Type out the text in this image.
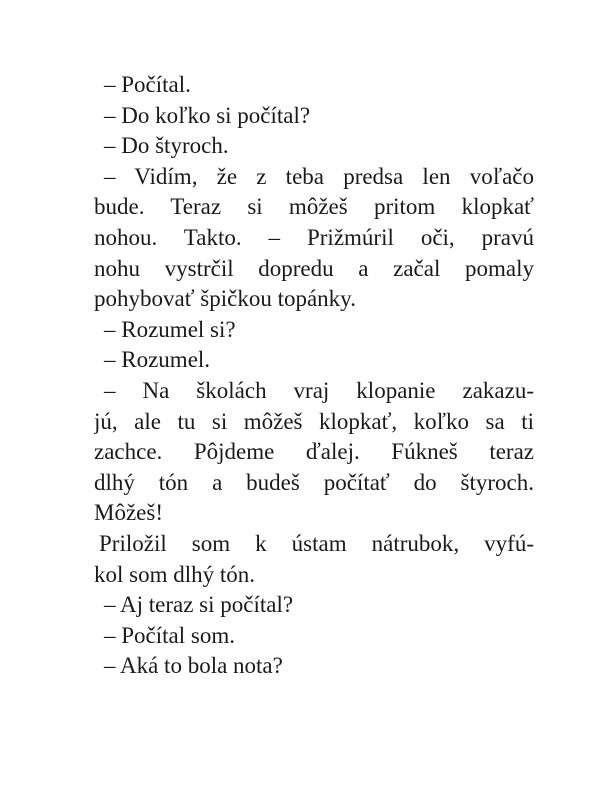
– Počítal.
– Do koľko si počítal?
– Do štyroch.
– Vidím, že z teba predsa len voľačo
bude. Teraz si môžeš pritom klopkať
nohou. Takto. – Prižmúril oči, pravú
nohu vystrčil dopredu a začal pomaly
pohybovať špičkou topánky.
– Rozumel si?
– Rozumel.
– Na školách vraj klopanie zakazu-
jú, ale tu si môžeš klopkať, koľko sa ti
zachce. Pôjdeme ďalej. Fúkneš teraz
dlhý tón a budeš počítať do štyroch.
Môžeš!
Priložil som k ústam nátrubok, vyfú-
kol som dlhý tón.
– Aj teraz si počítal?
– Počítal som.
– Aká to bola nota?
